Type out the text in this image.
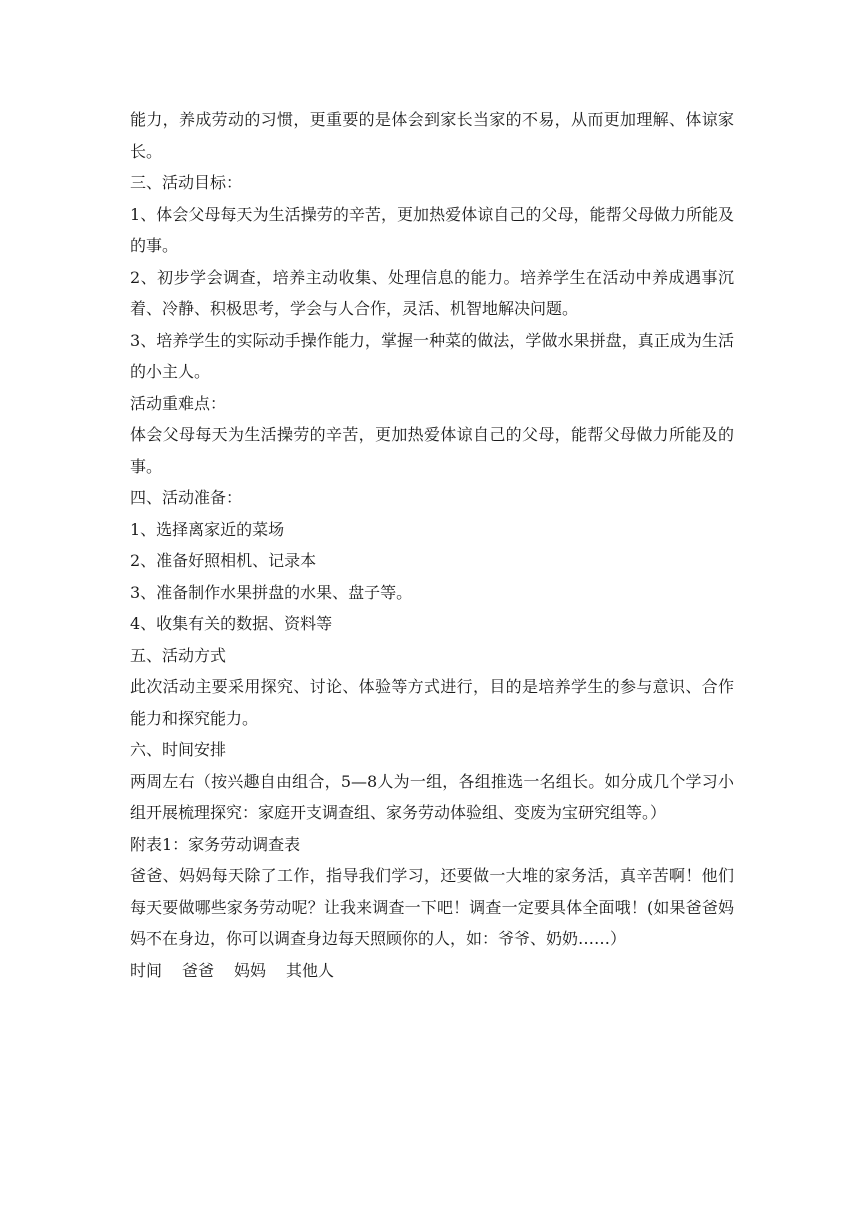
能力，养成劳动的习惯，更重要的是体会到家长当家的不易，从而更加理解、体谅家长。

三、活动目标：

1、体会父母每天为生活操劳的辛苦，更加热爱体谅自己的父母，能帮父母做力所能及的事。

2、初步学会调查，培养主动收集、处理信息的能力。培养学生在活动中养成遇事沉着、冷静、积极思考，学会与人合作，灵活、机智地解决问题。

3、培养学生的实际动手操作能力，掌握一种菜的做法，学做水果拼盘，真正成为生活的小主人。

活动重难点：

体会父母每天为生活操劳的辛苦，更加热爱体谅自己的父母，能帮父母做力所能及的事。

四、活动准备：

1、选择离家近的菜场

2、准备好照相机、记录本

3、准备制作水果拼盘的水果、盘子等。

4、收集有关的数据、资料等

五、活动方式

此次活动主要采用探究、讨论、体验等方式进行，目的是培养学生的参与意识、合作能力和探究能力。

六、时间安排

两周左右（按兴趣自由组合，5—8人为一组，各组推选一名组长。如分成几个学习小组开展梳理探究：家庭开支调查组、家务劳动体验组、变废为宝研究组等。）

附表1：家务劳动调查表

爸爸、妈妈每天除了工作，指导我们学习，还要做一大堆的家务活，真辛苦啊！他们每天要做哪些家务劳动呢？让我来调查一下吧！调查一定要具体全面哦！(如果爸爸妈妈不在身边，你可以调查身边每天照顾你的人，如：爷爷、奶奶……）

时间	爸爸	妈妈	其他人
